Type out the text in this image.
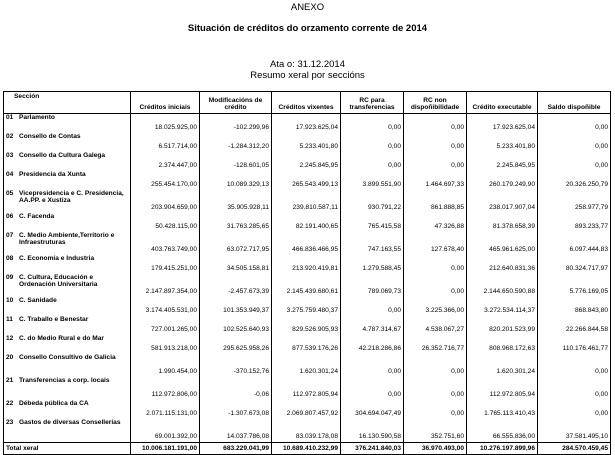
ANEXO
Situación de créditos do orzamento corrente de 2014
Ata o: 31.12.2014
Resumo xeral por seccións
Sección	Créditos iniciais	Modificacións de crédito	Créditos vixentes	RC para transferencias	RC non dispoñibilidade	Crédito executable	Saldo dispoñible
01 Parlamento	18.025.925,00	-102.299,96	17.923.625,04	0,00	0,00	17.923.625,04	0,00
02 Consello de Contas	6.517.714,00	-1.284.312,20	5.233.401,80	0,00	0,00	5.233.401,80	0,00
03 Consello da Cultura Galega	2.374.447,00	-128.601,05	2.245.845,95	0,00	0,00	2.245.845,95	0,00
04 Presidencia da Xunta	255.454.170,00	10.089.329,13	265.543.499,13	3.899.551,90	1.464.697,33	260.179.249,90	20.326.250,79
05 Vicepresidencia e C. Presidencia, AA.PP. e Xustiza	203.904.659,00	35.905.928,11	239.810.587,11	930.791,22	861.888,85	238.017.907,04	258.977,79
06 C. Facenda	50.428.115,00	31.763.285,65	82.191.400,65	765.415,58	47.326,88	81.378.658,39	893.233,77
07 C. Medio Ambiente,Territorio e Infraestruturas	403.763.749,00	63.072.717,95	466.836.466,95	747.163,55	127.678,40	465.961.625,00	6.097.444,83
08 C. Economía e Industria	179.415.251,00	34.505.158,81	213.920.419,81	1.279.588,45	0,00	212.640.831,36	80.324.717,97
09 C. Cultura, Educación e Ordenación Universitaria	2.147.897.354,00	-2.457.673,39	2.145.439.680,61	789.069,73	0,00	2.144.650.590,88	5.776.169,05
10 C. Sanidade	3.174.405.531,00	101.353.949,37	3.275.759.480,37	0,00	3.225.366,00	3.272.534.114,37	868.843,80
11 C. Traballo e Benestar	727.001.265,00	102.525.640,93	829.526.905,93	4.787.314,67	4.538.067,27	820.201.523,99	22.266.844,58
12 C. do Medio Rural e do Mar	581.913.218,00	295.625.958,26	877.539.176,26	42.218.286,86	26.352.716,77	808.968.172,63	110.176.461,77
20 Consello Consultivo de Galicia	1.990.454,00	-370.152,76	1.620.301,24	0,00	0,00	1.620.301,24	0,00
21 Transferencias a corp. locais	112.972.806,00	-0,06	112.972.805,94	0,00	0,00	112.972.805,94	0,00
22 Débeda pública da CA	2.071.115.131,00	-1.307.673,08	2.069.807.457,92	304.694.047,49	0,00	1.765.113.410,43	0,00
23 Gastos de diversas Consellerías	69.001.392,00	14.037.786,08	83.039.178,08	16.130.590,58	352.751,60	66.555.836,00	37.581.495,10
Total xeral	10.006.181.191,00	683.229.041,99	10.689.410.232,99	376.241.840,03	36.970.493,00	10.276.197.899,96	284.570.459,45
